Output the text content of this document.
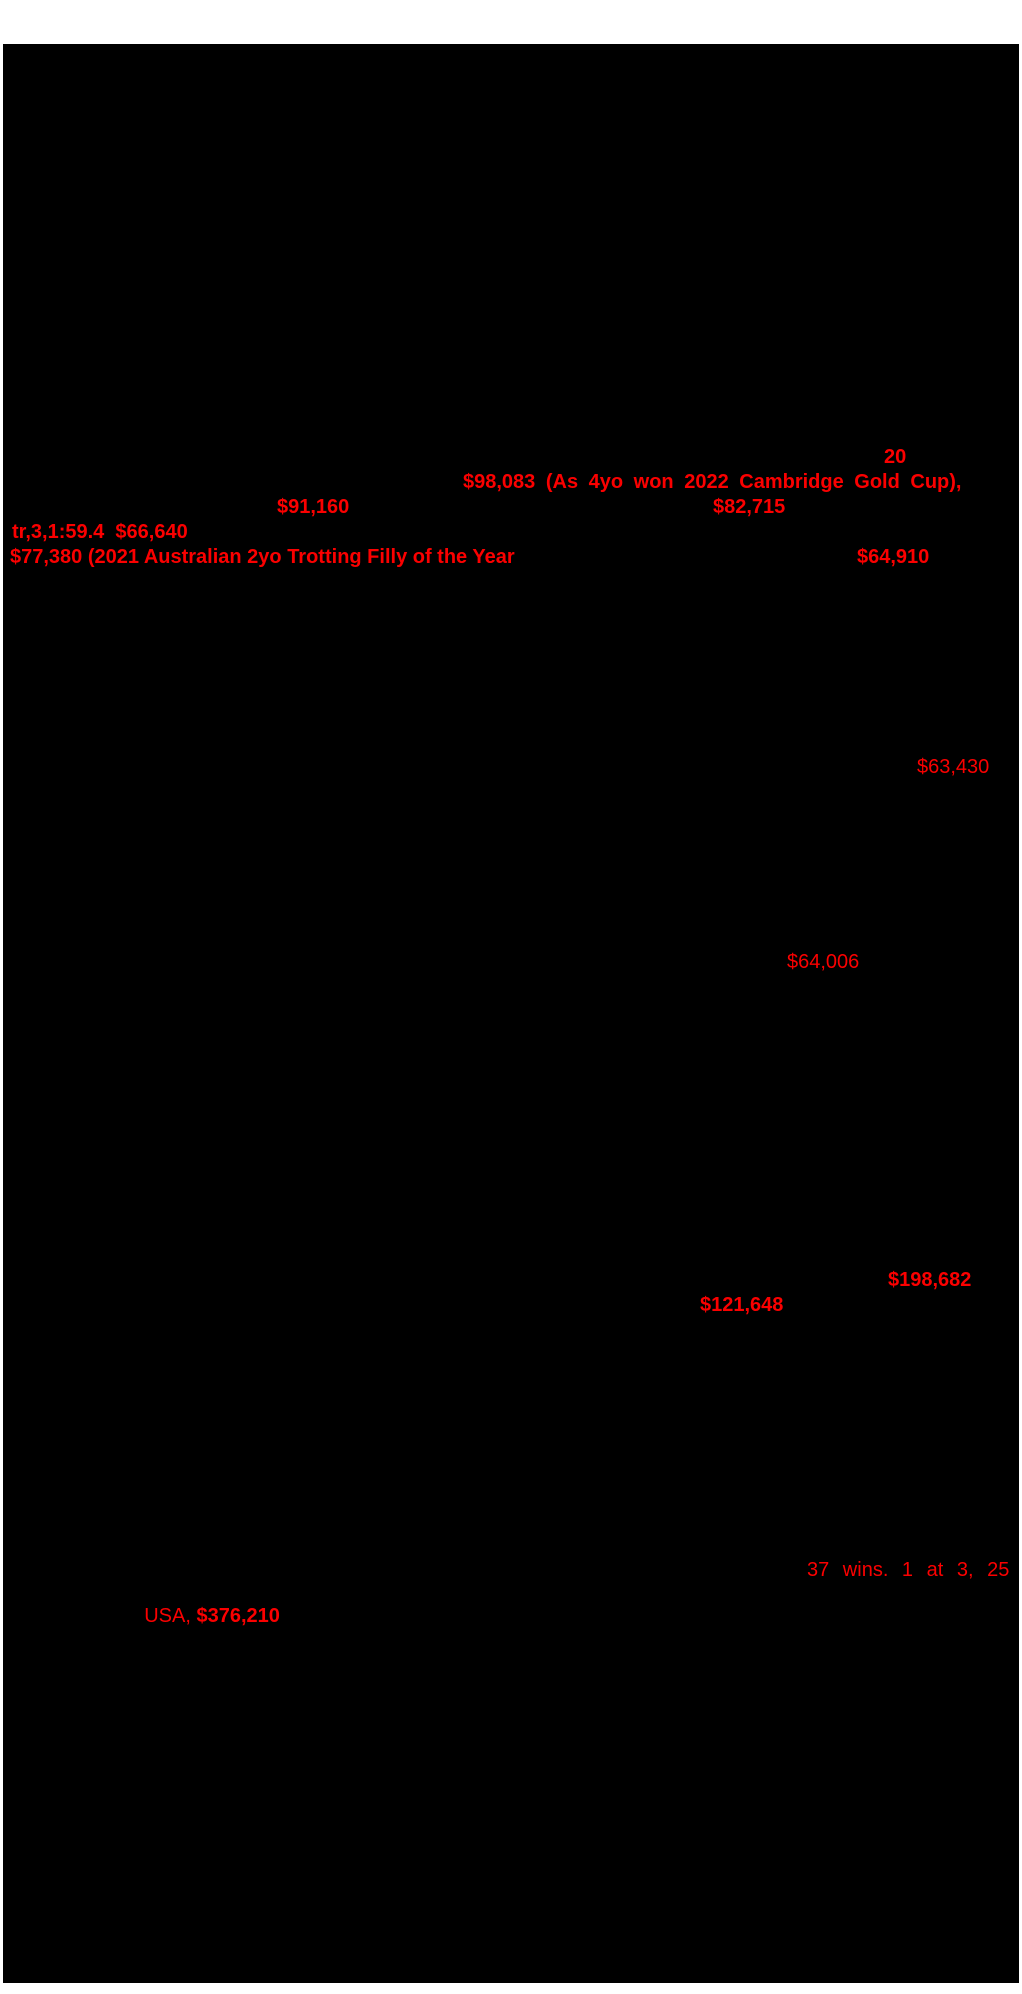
20
$98,083 (As 4yo won 2022 Cambridge Gold Cup),
$91,160	$82,715
tr,3,1:59.4  $66,640
$77,380 (2021 Australian 2yo Trotting Filly of the Year	$64,910
$63,430
$64,006
$198,682
$121,648
37 wins. 1 at 3, 25

USA, $376,210
